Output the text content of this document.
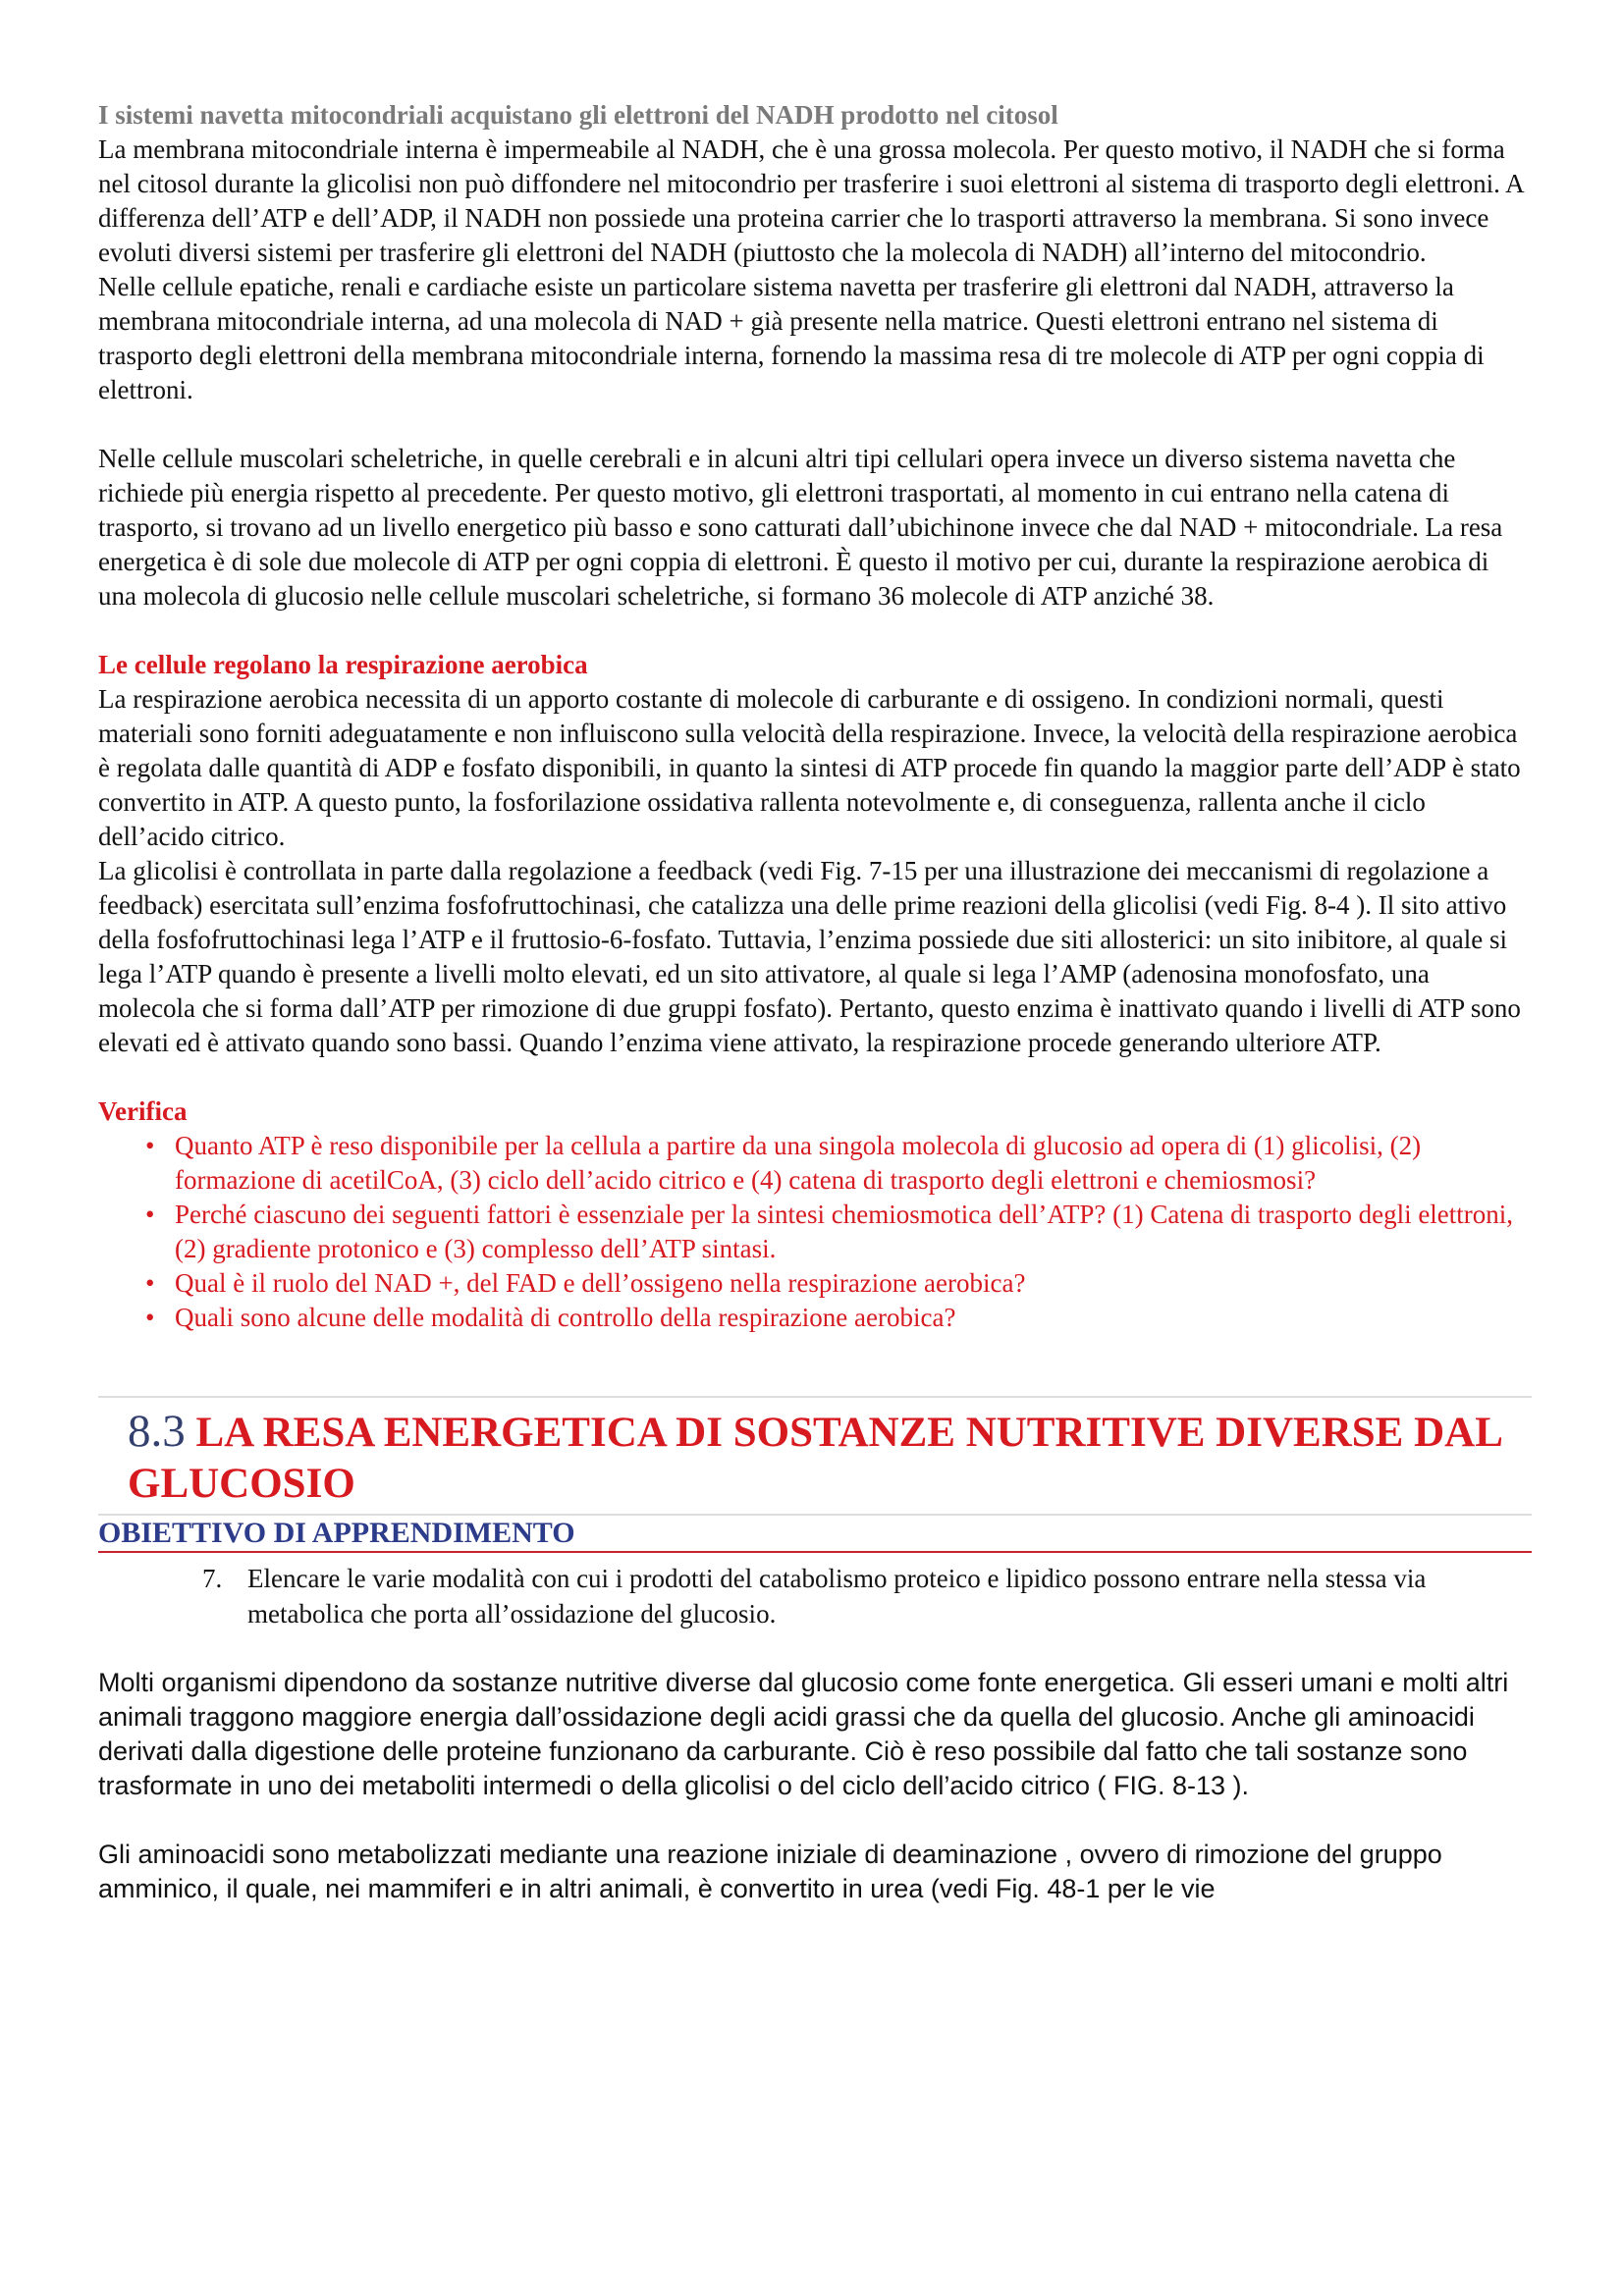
I sistemi navetta mitocondriali acquistano gli elettroni del NADH prodotto nel citosol

La membrana mitocondriale interna è impermeabile al NADH, che è una grossa molecola. Per questo motivo, il NADH che si forma nel citosol durante la glicolisi non può diffondere nel mitocondrio per trasferire i suoi elettroni al sistema di trasporto degli elettroni. A differenza dell’ATP e dell’ADP, il NADH non possiede una proteina carrier che lo trasporti attraverso la membrana. Si sono invece evoluti diversi sistemi per trasferire gli elettroni del NADH (piuttosto che la molecola di NADH) all’interno del mitocondrio.

Nelle cellule epatiche, renali e cardiache esiste un particolare sistema navetta per trasferire gli elettroni dal NADH, attraverso la membrana mitocondriale interna, ad una molecola di NAD + già presente nella matrice. Questi elettroni entrano nel sistema di trasporto degli elettroni della membrana mitocondriale interna, fornendo la massima resa di tre molecole di ATP per ogni coppia di elettroni.

Nelle cellule muscolari scheletriche, in quelle cerebrali e in alcuni altri tipi cellulari opera invece un diverso sistema navetta che richiede più energia rispetto al precedente. Per questo motivo, gli elettroni trasportati, al momento in cui entrano nella catena di trasporto, si trovano ad un livello energetico più basso e sono catturati dall’ubichinone invece che dal NAD + mitocondriale. La resa energetica è di sole due molecole di ATP per ogni coppia di elettroni. È questo il motivo per cui, durante la respirazione aerobica di una molecola di glucosio nelle cellule muscolari scheletriche, si formano 36 molecole di ATP anziché 38.

Le cellule regolano la respirazione aerobica

La respirazione aerobica necessita di un apporto costante di molecole di carburante e di ossigeno. In condizioni normali, questi materiali sono forniti adeguatamente e non influiscono sulla velocità della respirazione. Invece, la velocità della respirazione aerobica è regolata dalle quantità di ADP e fosfato disponibili, in quanto la sintesi di ATP procede fin quando la maggior parte dell’ADP è stato convertito in ATP. A questo punto, la fosforilazione ossidativa rallenta notevolmente e, di conseguenza, rallenta anche il ciclo dell’acido citrico.

La glicolisi è controllata in parte dalla regolazione a feedback (vedi Fig. 7-15 per una illustrazione dei meccanismi di regolazione a feedback) esercitata sull’enzima fosfofruttochinasi, che catalizza una delle prime reazioni della glicolisi (vedi Fig. 8-4 ). Il sito attivo della fosfofruttochinasi lega l’ATP e il fruttosio-6-fosfato. Tuttavia, l’enzima possiede due siti allosterici: un sito inibitore, al quale si lega l’ATP quando è presente a livelli molto elevati, ed un sito attivatore, al quale si lega l’AMP (adenosina monofosfato, una molecola che si forma dall’ATP per rimozione di due gruppi fosfato). Pertanto, questo enzima è inattivato quando i livelli di ATP sono elevati ed è attivato quando sono bassi. Quando l’enzima viene attivato, la respirazione procede generando ulteriore ATP.

Verifica
• Quanto ATP è reso disponibile per la cellula a partire da una singola molecola di glucosio ad opera di (1) glicolisi, (2) formazione di acetilCoA, (3) ciclo dell’acido citrico e (4) catena di trasporto degli elettroni e chemiosmosi?
• Perché ciascuno dei seguenti fattori è essenziale per la sintesi chemiosmotica dell’ATP? (1) Catena di trasporto degli elettroni, (2) gradiente protonico e (3) complesso dell’ATP sintasi.
• Qual è il ruolo del NAD +, del FAD e dell’ossigeno nella respirazione aerobica?
• Quali sono alcune delle modalità di controllo della respirazione aerobica?
8.3 LA RESA ENERGETICA DI SOSTANZE NUTRITIVE DIVERSE DAL GLUCOSIO
OBIETTIVO DI APPRENDIMENTO
7. Elencare le varie modalità con cui i prodotti del catabolismo proteico e lipidico possono entrare nella stessa via metabolica che porta all’ossidazione del glucosio.

Molti organismi dipendono da sostanze nutritive diverse dal glucosio come fonte energetica. Gli esseri umani e molti altri animali traggono maggiore energia dall’ossidazione degli acidi grassi che da quella del glucosio. Anche gli aminoacidi derivati dalla digestione delle proteine funzionano da carburante. Ciò è reso possibile dal fatto che tali sostanze sono trasformate in uno dei metaboliti intermedi o della glicolisi o del ciclo dell’acido citrico ( FIG. 8-13 ).

Gli aminoacidi sono metabolizzati mediante una reazione iniziale di deaminazione , ovvero di rimozione del gruppo amminico, il quale, nei mammiferi e in altri animali, è convertito in urea (vedi Fig. 48-1 per le vie
